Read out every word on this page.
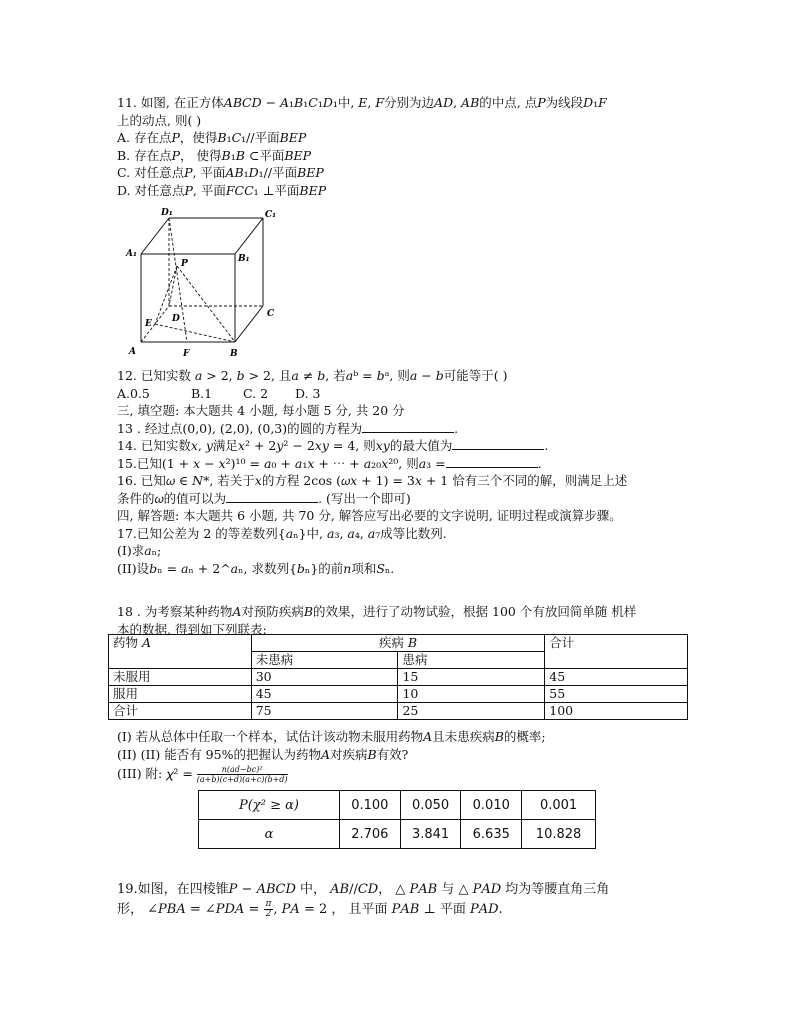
11. 如图, 在正方体𝐴𝐵𝐶𝐷 − 𝐴₁𝐵₁𝐶₁𝐷₁中, 𝐸, 𝐹分别为边𝐴𝐷, 𝐴𝐵的中点, 点𝑃为线段𝐷₁𝐹
上的动点, 则( )
A. 存在点𝑃，使得𝐵₁𝐶₁//平面𝐵𝐸𝑃
B. 存在点𝑃， 使得𝐵₁𝐵 ⊂平面𝐵𝐸𝑃
C. 对任意点𝑃, 平面𝐴𝐵₁𝐷₁//平面𝐵𝐸𝑃
D. 对任意点𝑃, 平面𝐹𝐶𝐶₁ ⊥平面𝐵𝐸𝑃
12. 已知实数 𝑎 > 2, 𝑏 > 2, 且𝑎 ≠ 𝑏, 若𝑎ᵇ = 𝑏ᵃ, 则𝑎 − 𝑏可能等于( )
A.0.5	B.1 C. 2 D. 3
三, 填空题: 本大题共 4 小题, 每小题 5 分, 共 20 分
13 . 经过点(0,0), (2,0), (0,3)的圆的方程为	.
14. 已知实数𝑥, 𝑦满足𝑥² + 2𝑦² − 2𝑥𝑦 = 4, 则𝑥𝑦的最大值为	.
15.已知(1 + 𝑥 − 𝑥²)¹⁰ = 𝑎₀ + 𝑎₁𝑥 + ⋯ + 𝑎₂₀𝑥²⁰, 则𝑎₃ =	.
16. 已知𝜔 ∈ 𝑁*, 若关于𝑥的方程 2cos (𝜔𝑥 + 1) = 3𝑥 + 1 恰有三个不同的解，则满足上述
条件的𝜔的值可以为	. (写出一个即可)
四, 解答题: 本大题共 6 小题, 共 70 分, 解答应写出必要的文字说明, 证明过程或演算步骤。
17.已知公差为 2 的等差数列{𝑎ₙ}中, 𝑎₃, 𝑎₄, 𝑎₇成等比数列.
(I)求𝑎ₙ;
(II)设𝑏ₙ = 𝑎ₙ + 2^𝑎ₙ, 求数列{𝑏ₙ}的前𝑛项和𝑆ₙ.
D₁	C₁
A₁	B₁
P
C
D
E
A	F	B
18 . 为考察某种药物𝐴对预防疾病𝐵的效果，进行了动物试验，根据 100 个有放回简单随 机样
本的数据, 得到如下列联表:
药物 𝐴	疾病 𝐵		合计
	未患病	患病	
未服用	30	15	45
服用	45	10	55
合计	75	25	100
(I) 若从总体中任取一个样本，试估计该动物未服用药物𝐴且未患疾病𝐵的概率;
(II) (II) 能否有 95%的把握认为药物𝐴对疾病𝐵有效?
(III) 附: 𝜒² = $\frac{\text{n(ad−bc)²}}{(a+b)(c+d)(a+c)(b+d)}$
𝑃(𝜒² ≥ 𝛼)	0.100	0.050	0.010	0.001
𝛼	2.706	3.841	6.635	10.828
19.如图，在四棱锥𝑃 − 𝐴𝐵𝐶𝐷 中， 𝐴𝐵//𝐶𝐷， △ 𝑃𝐴𝐵 与 △ 𝑃𝐴𝐷 均为等腰直角三角
形， ∠𝑃𝐵𝐴 = ∠𝑃𝐷𝐴 = $\frac{\pi}{2}$ , 𝑃𝐴 = 2 ， 且平面 𝑃𝐴𝐵 ⊥ 平面 𝑃𝐴𝐷.
